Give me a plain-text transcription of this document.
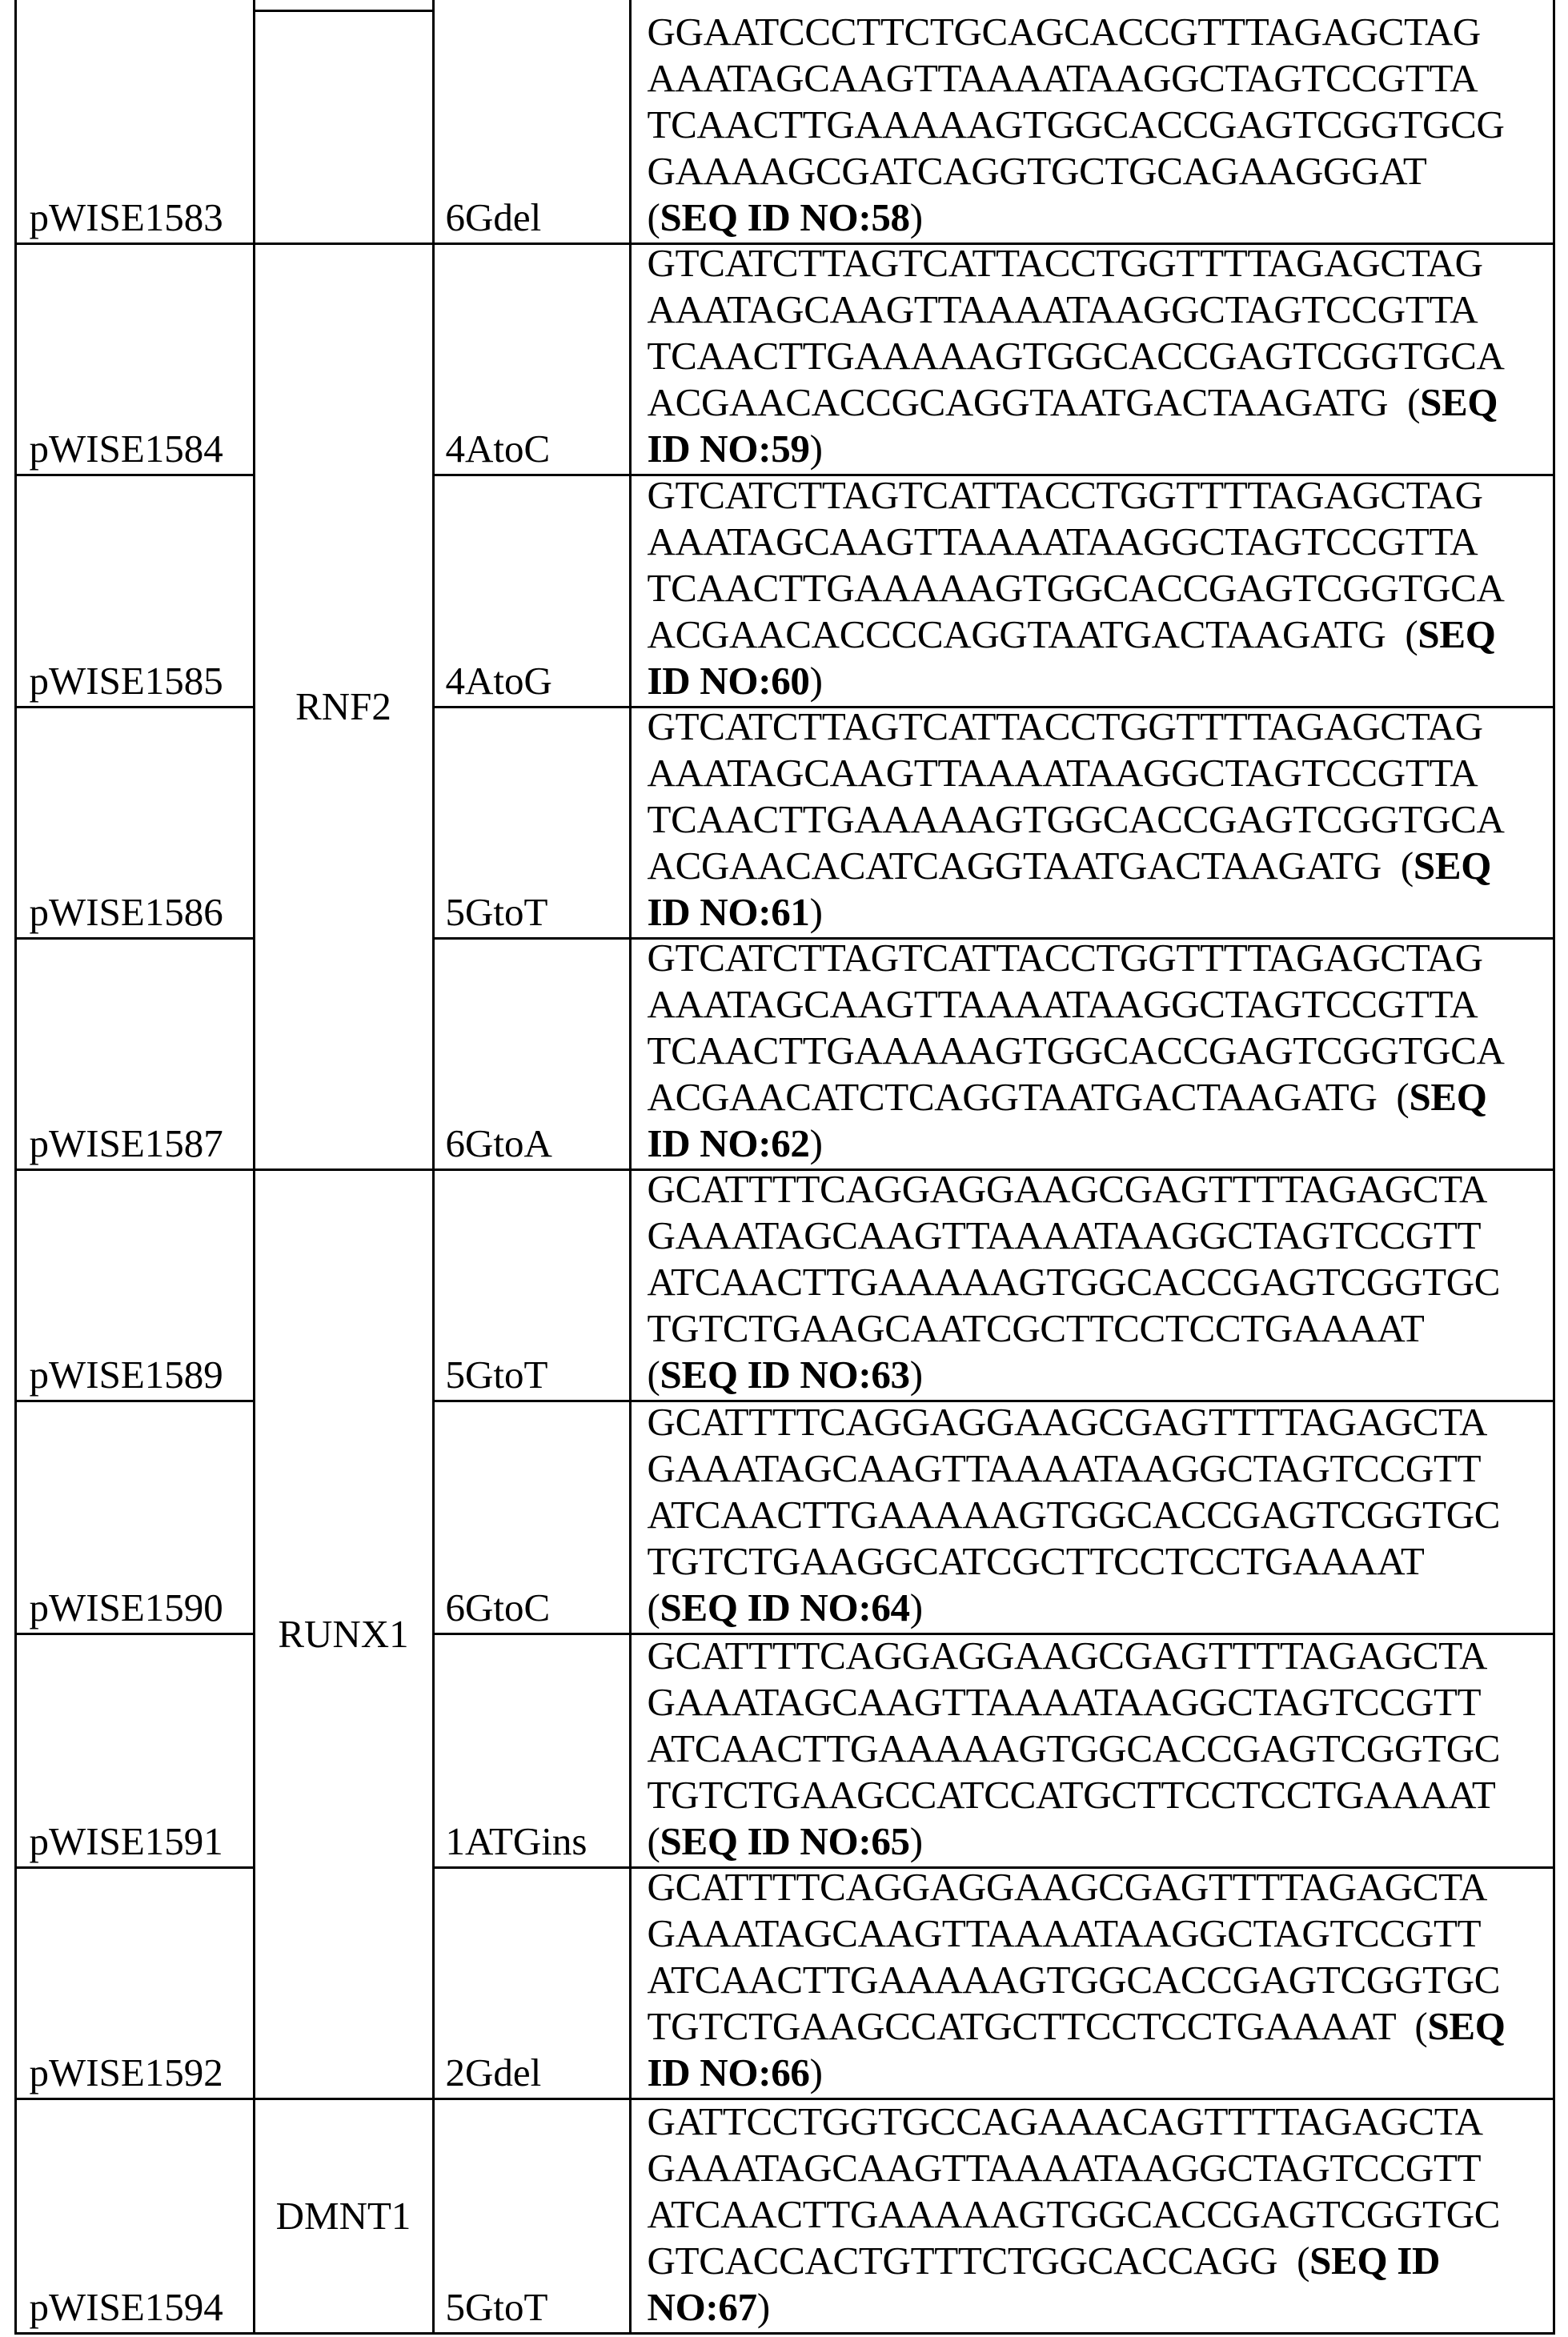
pWISE1583	6Gdel
GGAATCCCTTCTGCAGCACCGTTTAGAGCTAG
AAATAGCAAGTTAAAATAAGGCTAGTCCGTTA
TCAACTTGAAAAAGTGGCACCGAGTCGGTGCG
GAAAAGCGATCAGGTGCTGCAGAAGGGAT
(SEQ ID NO:58)
pWISE1584	4AtoC
GTCATCTTAGTCATTACCTGGTTTTAGAGCTAG
AAATAGCAAGTTAAAATAAGGCTAGTCCGTTA
TCAACTTGAAAAAGTGGCACCGAGTCGGTGCA
ACGAACACCGCAGGTAATGACTAAGATG  (SEQ
ID NO:59)
pWISE1585	4AtoG
GTCATCTTAGTCATTACCTGGTTTTAGAGCTAG
AAATAGCAAGTTAAAATAAGGCTAGTCCGTTA
TCAACTTGAAAAAGTGGCACCGAGTCGGTGCA
ACGAACACCCCAGGTAATGACTAAGATG  (SEQ
ID NO:60)
pWISE1586	5GtoT
GTCATCTTAGTCATTACCTGGTTTTAGAGCTAG
AAATAGCAAGTTAAAATAAGGCTAGTCCGTTA
TCAACTTGAAAAAGTGGCACCGAGTCGGTGCA
ACGAACACATCAGGTAATGACTAAGATG  (SEQ
ID NO:61)
pWISE1587	6GtoA
GTCATCTTAGTCATTACCTGGTTTTAGAGCTAG
AAATAGCAAGTTAAAATAAGGCTAGTCCGTTA
TCAACTTGAAAAAGTGGCACCGAGTCGGTGCA
ACGAACATCTCAGGTAATGACTAAGATG  (SEQ
ID NO:62)
pWISE1589	5GtoT
GCATTTTCAGGAGGAAGCGAGTTTTAGAGCTA
GAAATAGCAAGTTAAAATAAGGCTAGTCCGTT
ATCAACTTGAAAAAGTGGCACCGAGTCGGTGC
TGTCTGAAGCAATCGCTTCCTCCTGAAAAT
(SEQ ID NO:63)
pWISE1590	6GtoC
GCATTTTCAGGAGGAAGCGAGTTTTAGAGCTA
GAAATAGCAAGTTAAAATAAGGCTAGTCCGTT
ATCAACTTGAAAAAGTGGCACCGAGTCGGTGC
TGTCTGAAGGCATCGCTTCCTCCTGAAAAT
(SEQ ID NO:64)
pWISE1591	1ATGins
GCATTTTCAGGAGGAAGCGAGTTTTAGAGCTA
GAAATAGCAAGTTAAAATAAGGCTAGTCCGTT
ATCAACTTGAAAAAGTGGCACCGAGTCGGTGC
TGTCTGAAGCCATCCATGCTTCCTCCTGAAAAT
(SEQ ID NO:65)
pWISE1592	2Gdel
GCATTTTCAGGAGGAAGCGAGTTTTAGAGCTA
GAAATAGCAAGTTAAAATAAGGCTAGTCCGTT
ATCAACTTGAAAAAGTGGCACCGAGTCGGTGC
TGTCTGAAGCCATGCTTCCTCCTGAAAAT  (SEQ
ID NO:66)
pWISE1594	5GtoT
GATTCCTGGTGCCAGAAACAGTTTTAGAGCTA
GAAATAGCAAGTTAAAATAAGGCTAGTCCGTT
ATCAACTTGAAAAAGTGGCACCGAGTCGGTGC
GTCACCACTGTTTCTGGCACCAGG  (SEQ ID
NO:67)
RNF2
RUNX1
DMNT1
